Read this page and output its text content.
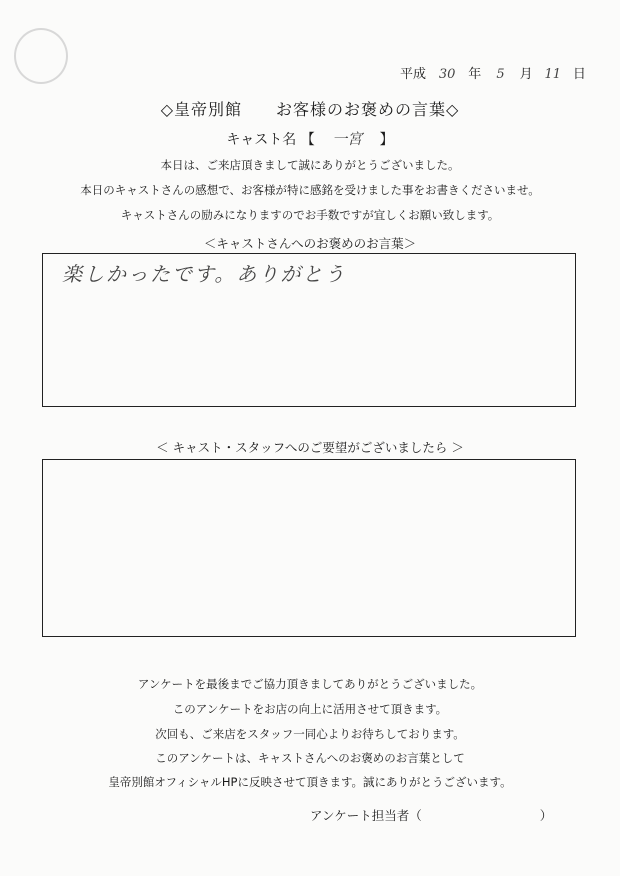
平成 30 年 5 月 11 日
◇皇帝別館　　お客様のお褒めの言葉◇
キャスト名 【 一宮 】
本日は、ご来店頂きまして誠にありがとうございました。
本日のキャストさんの感想で、お客様が特に感銘を受けました事をお書きくださいませ。
キャストさんの励みになりますのでお手数ですが宜しくお願い致します。
＜キャストさんへのお褒めのお言葉＞
楽しかったです。ありがとう
＜ キャスト・スタッフへのご要望がございましたら ＞
アンケートを最後までご協力頂きましてありがとうございました。
このアンケートをお店の向上に活用させて頂きます。
次回も、ご来店をスタッフ一同心よりお待ちしております。
このアンケートは、キャストさんへのお褒めのお言葉として
皇帝別館オフィシャルHPに反映させて頂きます。誠にありがとうございます。
アンケート担当者（	）
